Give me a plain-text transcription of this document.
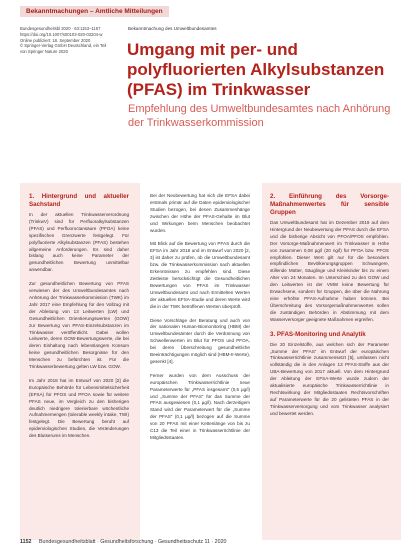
Bekanntmachungen – Amtliche Mitteilungen
Bundesgesundheitsbl 2020 · 63:1153–1157
https://doi.org/10.1007/s00103-020-03204-w
Online publiziert: 18. September 2020
© Springer-Verlag GmbH Deutschland, ein Teil
von Springer Nature 2020
Bekanntmachung des Umweltbundesamtes
Umgang mit per- und polyfluorierten Alkylsubstanzen (PFAS) im Trinkwasser
Empfehlung des Umweltbundesamtes nach Anhörung der Trinkwasserkommission
1. Hintergrund und aktueller Sachstand

In der aktuellen Trinkwasserverordnung (TrinkwV) sind für Perfluoralkylsubstanzen (PFAS) und Perfluoroctansäure (PFOA) keine spezifischen Grenzwerte festgelegt. Für polyfluorierte Alkylsubstanzen (PFAS) bestehen allgemeine Anforderungen. Es sind daher bislang auch keine Parameter der gesundheitlichen Bewertung unmittelbar anwendbar.

Zur gesundheitlichen Bewertung von PFAS verwiesen der des Umweltbundesamtes nach Anhörung der Trinkwasserkommission (TWK) im Jahr 2017 eine Empfehlung für den Vollzug mit der Ableitung von 13 Leitwerten (LW) und Gesundheitlichen Orientierungswerten (GOW) zur Bewertung von PFAS-Einzelsubstanzen im Trinkwasser veröffentlicht. Dabei wollen Leitwerte, deren GOW-Bewertungswerte, die bei deren Einhaltung nach lebenslangem Konsum keine gesundheitlichen Besorgnisse für den Menschen zu befürchten ist. Für die Trinkwasserbewertung gelten LW bzw. GOW.

Im Jahr 2018 hat im Entwurf von 2020 [2] die Europäische Behörde für Lebensmittelsicherheit (EFSA) für PFOS und PFOA sowie für weitere PFAS neue, im Vergleich zu den bisherigen deutlich niedrigere tolerierbare wöchentliche Aufnahmemengen (tolerable weekly intake, TWI) festgelegt. Die Bewertung beruht auf epidemiologischen Studien, die Veränderungen des Blutserums im Menschen.

Bei der Neubewertung hat sich die EFSA dabei erstmals primär auf die Daten epidemiologischer Studien bezogen, bei denen Zusammenhänge zwischen der Höhe der PFAS-Gehalte im Blut und Wirkungen beim Menschen beobachtet wurden.

Mit Blick auf die Bewertung von PFAS durch die EFSA im Jahr 2018 und im Entwurf von 2020 [2, 3] ist daher zu prüfen, ob die Umweltbundesamt bzw. die Trinkwasserkommission nach aktuellen Erkenntnissen zu empfehlen sind. Diese Zeitleiste berücksichtigt die Gesundheitlichen Bewertungen von PFAS im Trinkwasser Umweltbundesamt und nach Ermittelten Werten der aktuellen EFSA-Studie und deren Werte wird die in der TWK betroffenen Werten überprüft.

Diese Vorschläge der Beratung und auch von der nationalen Human-Biomonitoring (HBM) der Umweltbundesämter durch die Verdünnung von Schwellenwerten im Blut für PFOS und PFOA, bei deren Überschreitung gesundheitliche Beeinträchtigungen möglich sind (HBM-II-Werte), gesenkt [4].

Ferner wurden von dem Ausschuss der europäischen Trinkwasserrichtlinie neue Parameterwerte für „PFAS insgesamt“ (0,5 µg/l) und „Summe der PFAS“ für das Summe der PFAS ausgewiesen (0,1 µg/l). Nach derzeitigem Stand wird der Parameterwert für die „Summe der PFAS“ (0,1 µg/l) bezogen auf die Summe von 20 PFAS mit einer Kettenlänge von bis zu C13 die Teil einer in Trinkwasserrichtlinie der Mitgliedsstaaten.

2. Einführung des Vorsorge-Maßnahmenwertes für sensible Gruppen

Das Umweltbundesamt hat im Dezember 2019 auf dem Hintergrund der Neubewertung der PFAS durch die EFSA und die bisherige Absicht von PFOA/PFOS empfohlen. Der Vorsorge-Maßnahmenwert im Trinkwasser in Höhe von zusammen 0,08 µg/l (20 ng/l) für PFOA bzw. PFOS empfohlen. Dieser Wert gilt nur für die besonders empfindlichen Bevölkerungsgruppen Schwangere, stillende Mütter, Säuglinge und Kleinkinder bis zu einem Alter von 24 Monaten. Im Unterschied zu den GOW und den Leitwerten ist der VMW keine Bewertung für Erwachsene, sondern für Gruppen, die über die Nahrung eine erhöhte PFAS-Aufnahme haben können. Bei Überschreitung des Vorsorgemaßnahmenwertes sollen die zuständigen Behörden in Abstimmung mit dem Wasserversorger geeignete Maßnahmen ergreifen.

3. PFAS-Monitoring und Analytik

Die 20 Einzelstoffe, aus welchen sich der Parameter „Summe der PFAS“ im Entwurf der europäischen Trinkwasserrichtlinie zusammensetzt [5], umfassen nicht vollständig die in den Anlagen 13 PFAS-Stoffe aus der UBA-Bewertung von 2017 aktuell. Von dem Hintergrund der Ableitung der EFSA-Werte wurde zudem der aktualisierte europäische Trinkwasserrichtlinie in Rechtswirkung der Mitgliedsstaaten Rechtsvorschriften auf Parameterwerte für die 20 gelisteten PFAS in der Trinkwasserversorgung und vom Trinkwasser analysiert und bewertet werden.

1152 Bundesgesundheitsblatt · Gesundheitsforschung · Gesundheitsschutz 11 · 2020
